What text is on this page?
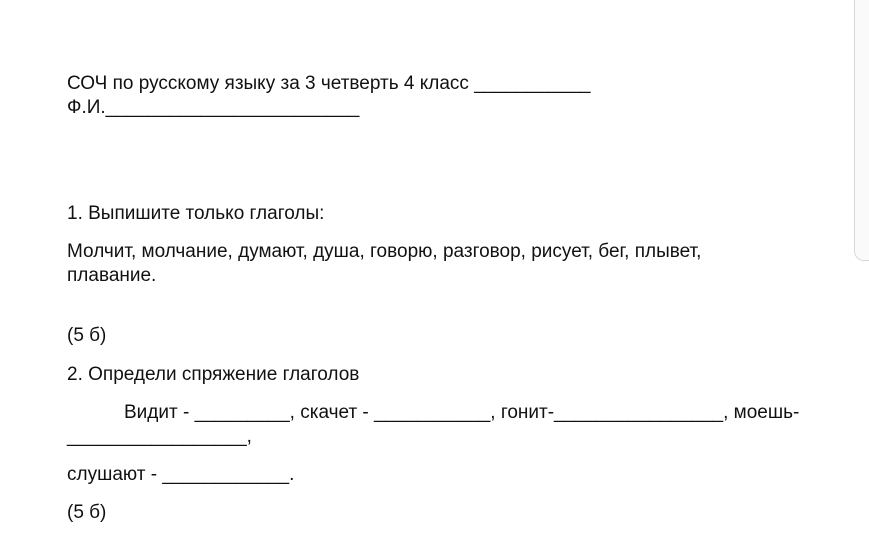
СОЧ по русскому языку за 3 четверть 4 класс ___________
Ф.И.________________________
1. Выпишите только глаголы:
Молчит, молчание, думают, душа, говорю, разговор, рисует, бег, плывет,
плавание.
(5 б)
2. Определи спряжение глаголов
Видит - _________, скачет - ___________, гонит-________________, моешь-
_________________,
слушают - ____________.
(5 б)
